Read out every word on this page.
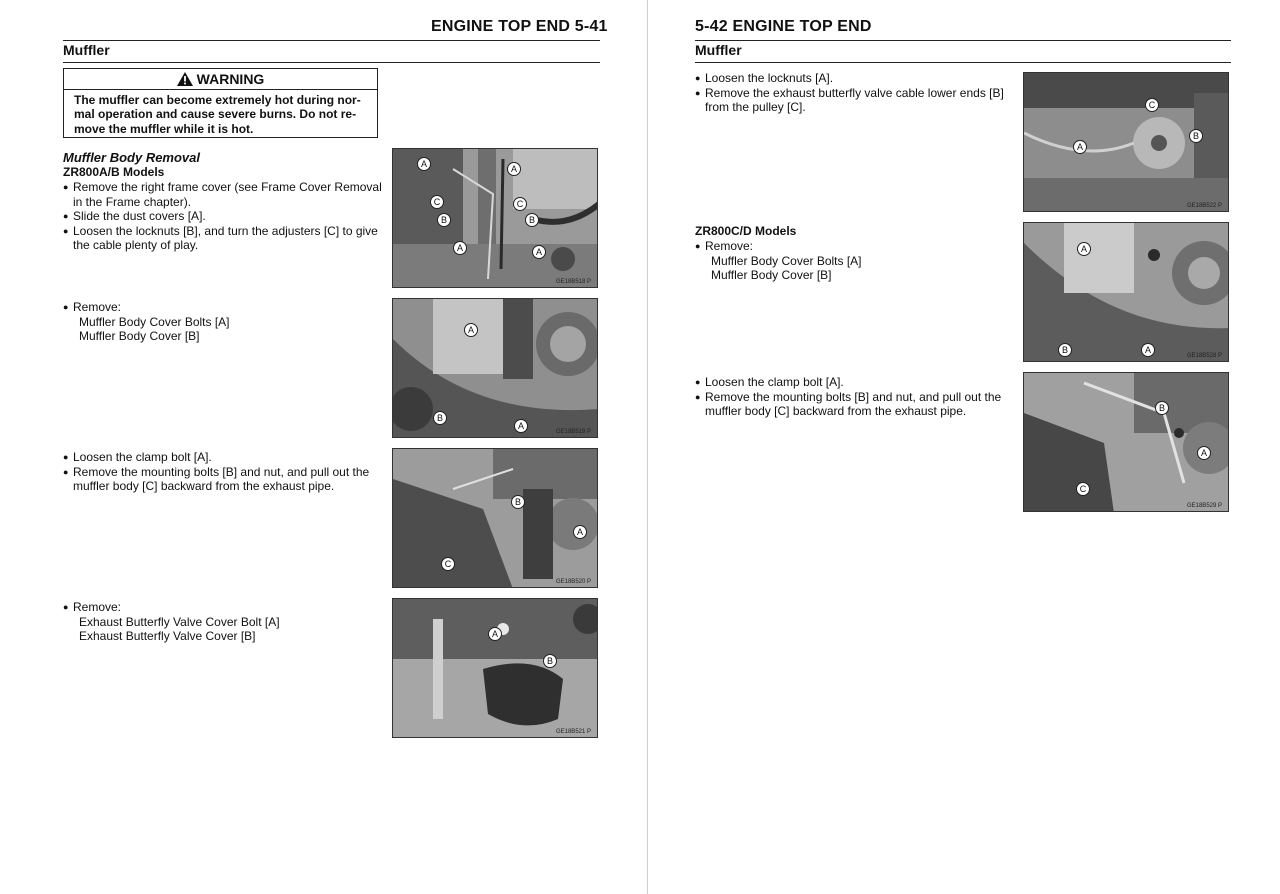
ENGINE TOP END 5-41
Muffler
WARNING
The muffler can become extremely hot during nor-
mal operation and cause severe burns. Do not re-
move the muffler while it is hot.
Muffler Body Removal
ZR800A/B Models
● Remove the right frame cover (see Frame Cover Removal
in the Frame chapter).
● Slide the dust covers [A].
● Loosen the locknuts [B], and turn the adjusters [C] to give
the cable plenty of play.
● Remove:
Muffler Body Cover Bolts [A]
Muffler Body Cover [B]
● Loosen the clamp bolt [A].
● Remove the mounting bolts [B] and nut, and pull out the
muffler body [C] backward from the exhaust pipe.
● Remove:
Exhaust Butterfly Valve Cover Bolt [A]
Exhaust Butterfly Valve Cover [B]
A	A
C	C
B	B
A	A
GE18B518 P
A
B
A
GE18B519 P
B
A
C
GE18B520 P
A
B
GE18B521 P
5-42 ENGINE TOP END
Muffler
● Loosen the locknuts [A].
● Remove the exhaust butterfly valve cable lower ends [B]
from the pulley [C].
ZR800C/D Models
● Remove:
Muffler Body Cover Bolts [A]
Muffler Body Cover [B]
● Loosen the clamp bolt [A].
● Remove the mounting bolts [B] and nut, and pull out the
muffler body [C] backward from the exhaust pipe.
C
A
B
GE18B522 P
A
B	A
GE18B528 P
B
A
C
GE18B529 P
